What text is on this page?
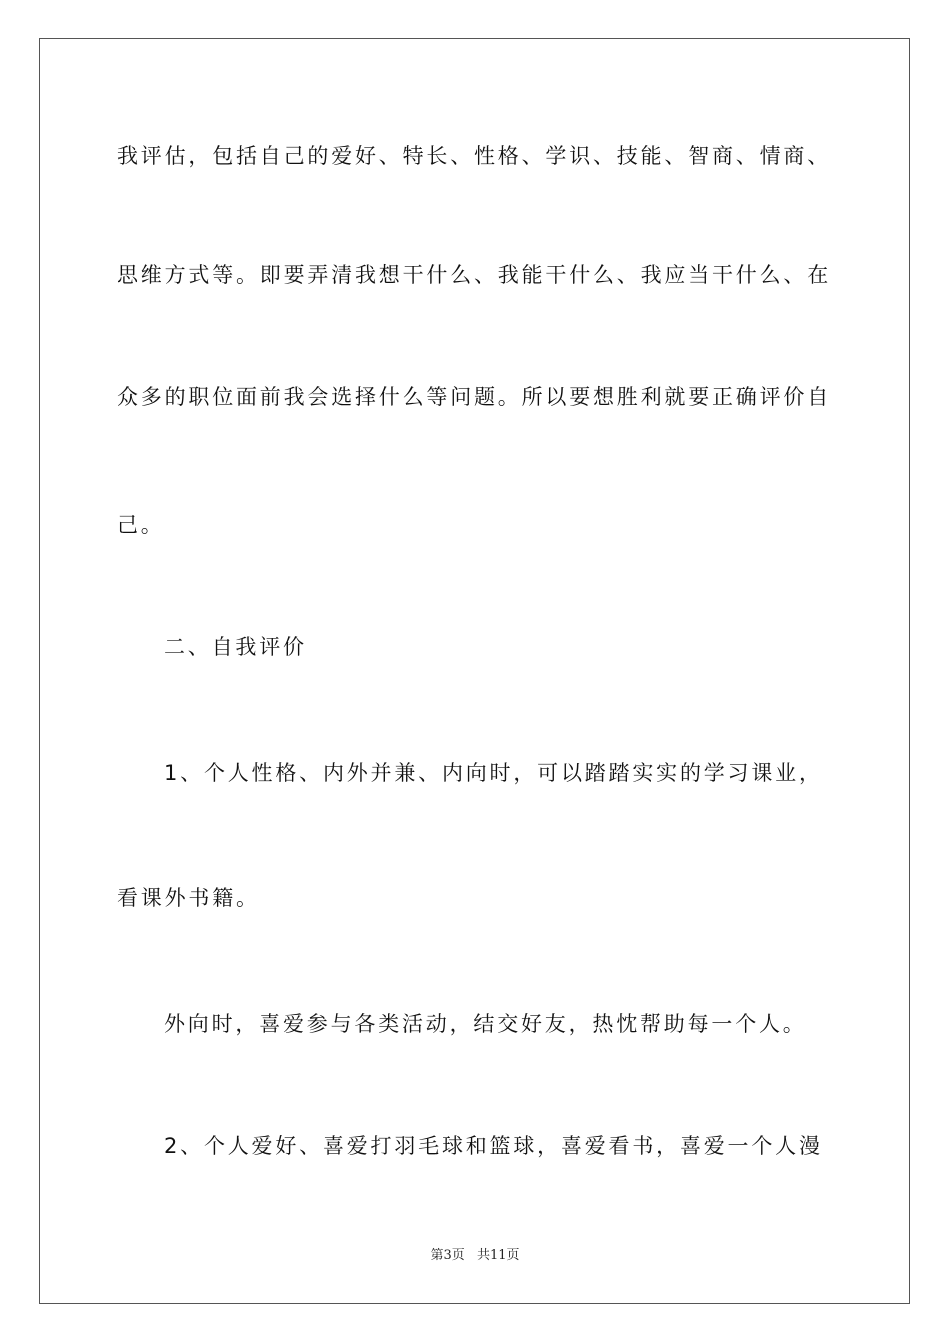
我评估，包括自己的爱好、特长、性格、学识、技能、智商、情商、
思维方式等。即要弄清我想干什么、我能干什么、我应当干什么、在
众多的职位面前我会选择什么等问题。所以要想胜利就要正确评价自
己。
二、自我评价
1、个人性格、内外并兼、内向时，可以踏踏实实的学习课业，
看课外书籍。
外向时，喜爱参与各类活动，结交好友，热忱帮助每一个人。
2、个人爱好、喜爱打羽毛球和篮球，喜爱看书，喜爱一个人漫
第3页 共11页
